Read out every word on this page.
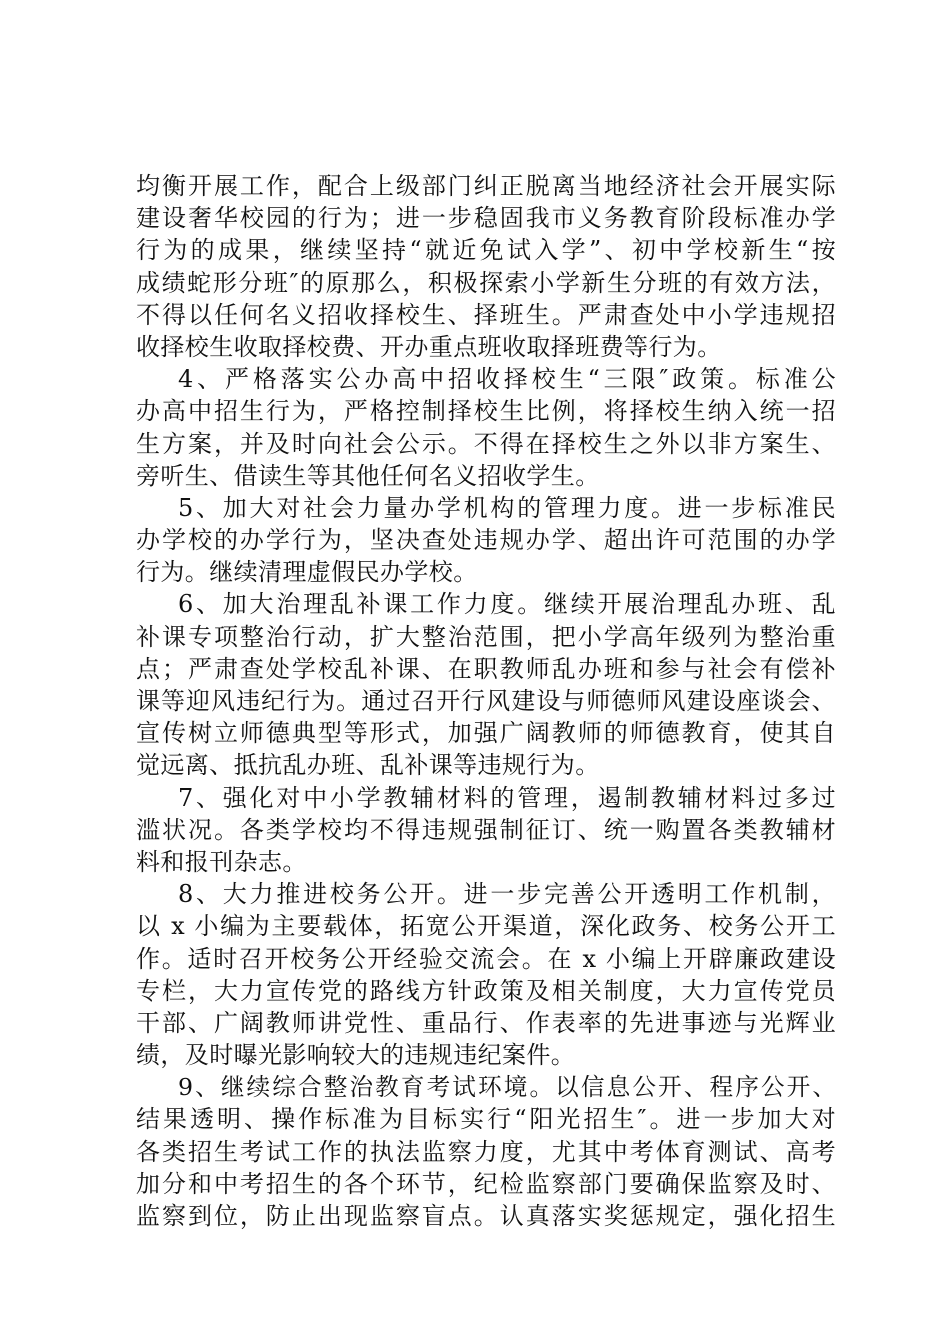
均衡开展工作，配合上级部门纠正脱离当地经济社会开展实际
建设奢华校园的行为；进一步稳固我市义务教育阶段标准办学
行为的成果，继续坚持“就近免试入学”、初中学校新生“按
成绩蛇形分班″的原那么，积极探索小学新生分班的有效方法，
不得以任何名义招收择校生、择班生。严肃查处中小学违规招
收择校生收取择校费、开办重点班收取择班费等行为。
4、严格落实公办高中招收择校生“三限″政策。标准公
办高中招生行为，严格控制择校生比例，将择校生纳入统一招
生方案，并及时向社会公示。不得在择校生之外以非方案生、
旁听生、借读生等其他任何名义招收学生。
5、加大对社会力量办学机构的管理力度。进一步标准民
办学校的办学行为，坚决查处违规办学、超出许可范围的办学
行为。继续清理虚假民办学校。
6、加大治理乱补课工作力度。继续开展治理乱办班、乱
补课专项整治行动，扩大整治范围，把小学高年级列为整治重
点；严肃查处学校乱补课、在职教师乱办班和参与社会有偿补
课等迎风违纪行为。通过召开行风建设与师德师风建设座谈会、
宣传树立师德典型等形式，加强广阔教师的师德教育，使其自
觉远离、抵抗乱办班、乱补课等违规行为。
7、强化对中小学教辅材料的管理，遏制教辅材料过多过
滥状况。各类学校均不得违规强制征订、统一购置各类教辅材
料和报刊杂志。
8、大力推进校务公开。进一步完善公开透明工作机制，
以 x 小编为主要载体，拓宽公开渠道，深化政务、校务公开工
作。适时召开校务公开经验交流会。在 x 小编上开辟廉政建设
专栏，大力宣传党的路线方针政策及相关制度，大力宣传党员
干部、广阔教师讲党性、重品行、作表率的先进事迹与光辉业
绩，及时曝光影响较大的违规违纪案件。
9、继续综合整治教育考试环境。以信息公开、程序公开、
结果透明、操作标准为目标实行“阳光招生″。进一步加大对
各类招生考试工作的执法监察力度，尤其中考体育测试、高考
加分和中考招生的各个环节，纪检监察部门要确保监察及时、
监察到位，防止出现监察盲点。认真落实奖惩规定，强化招生
